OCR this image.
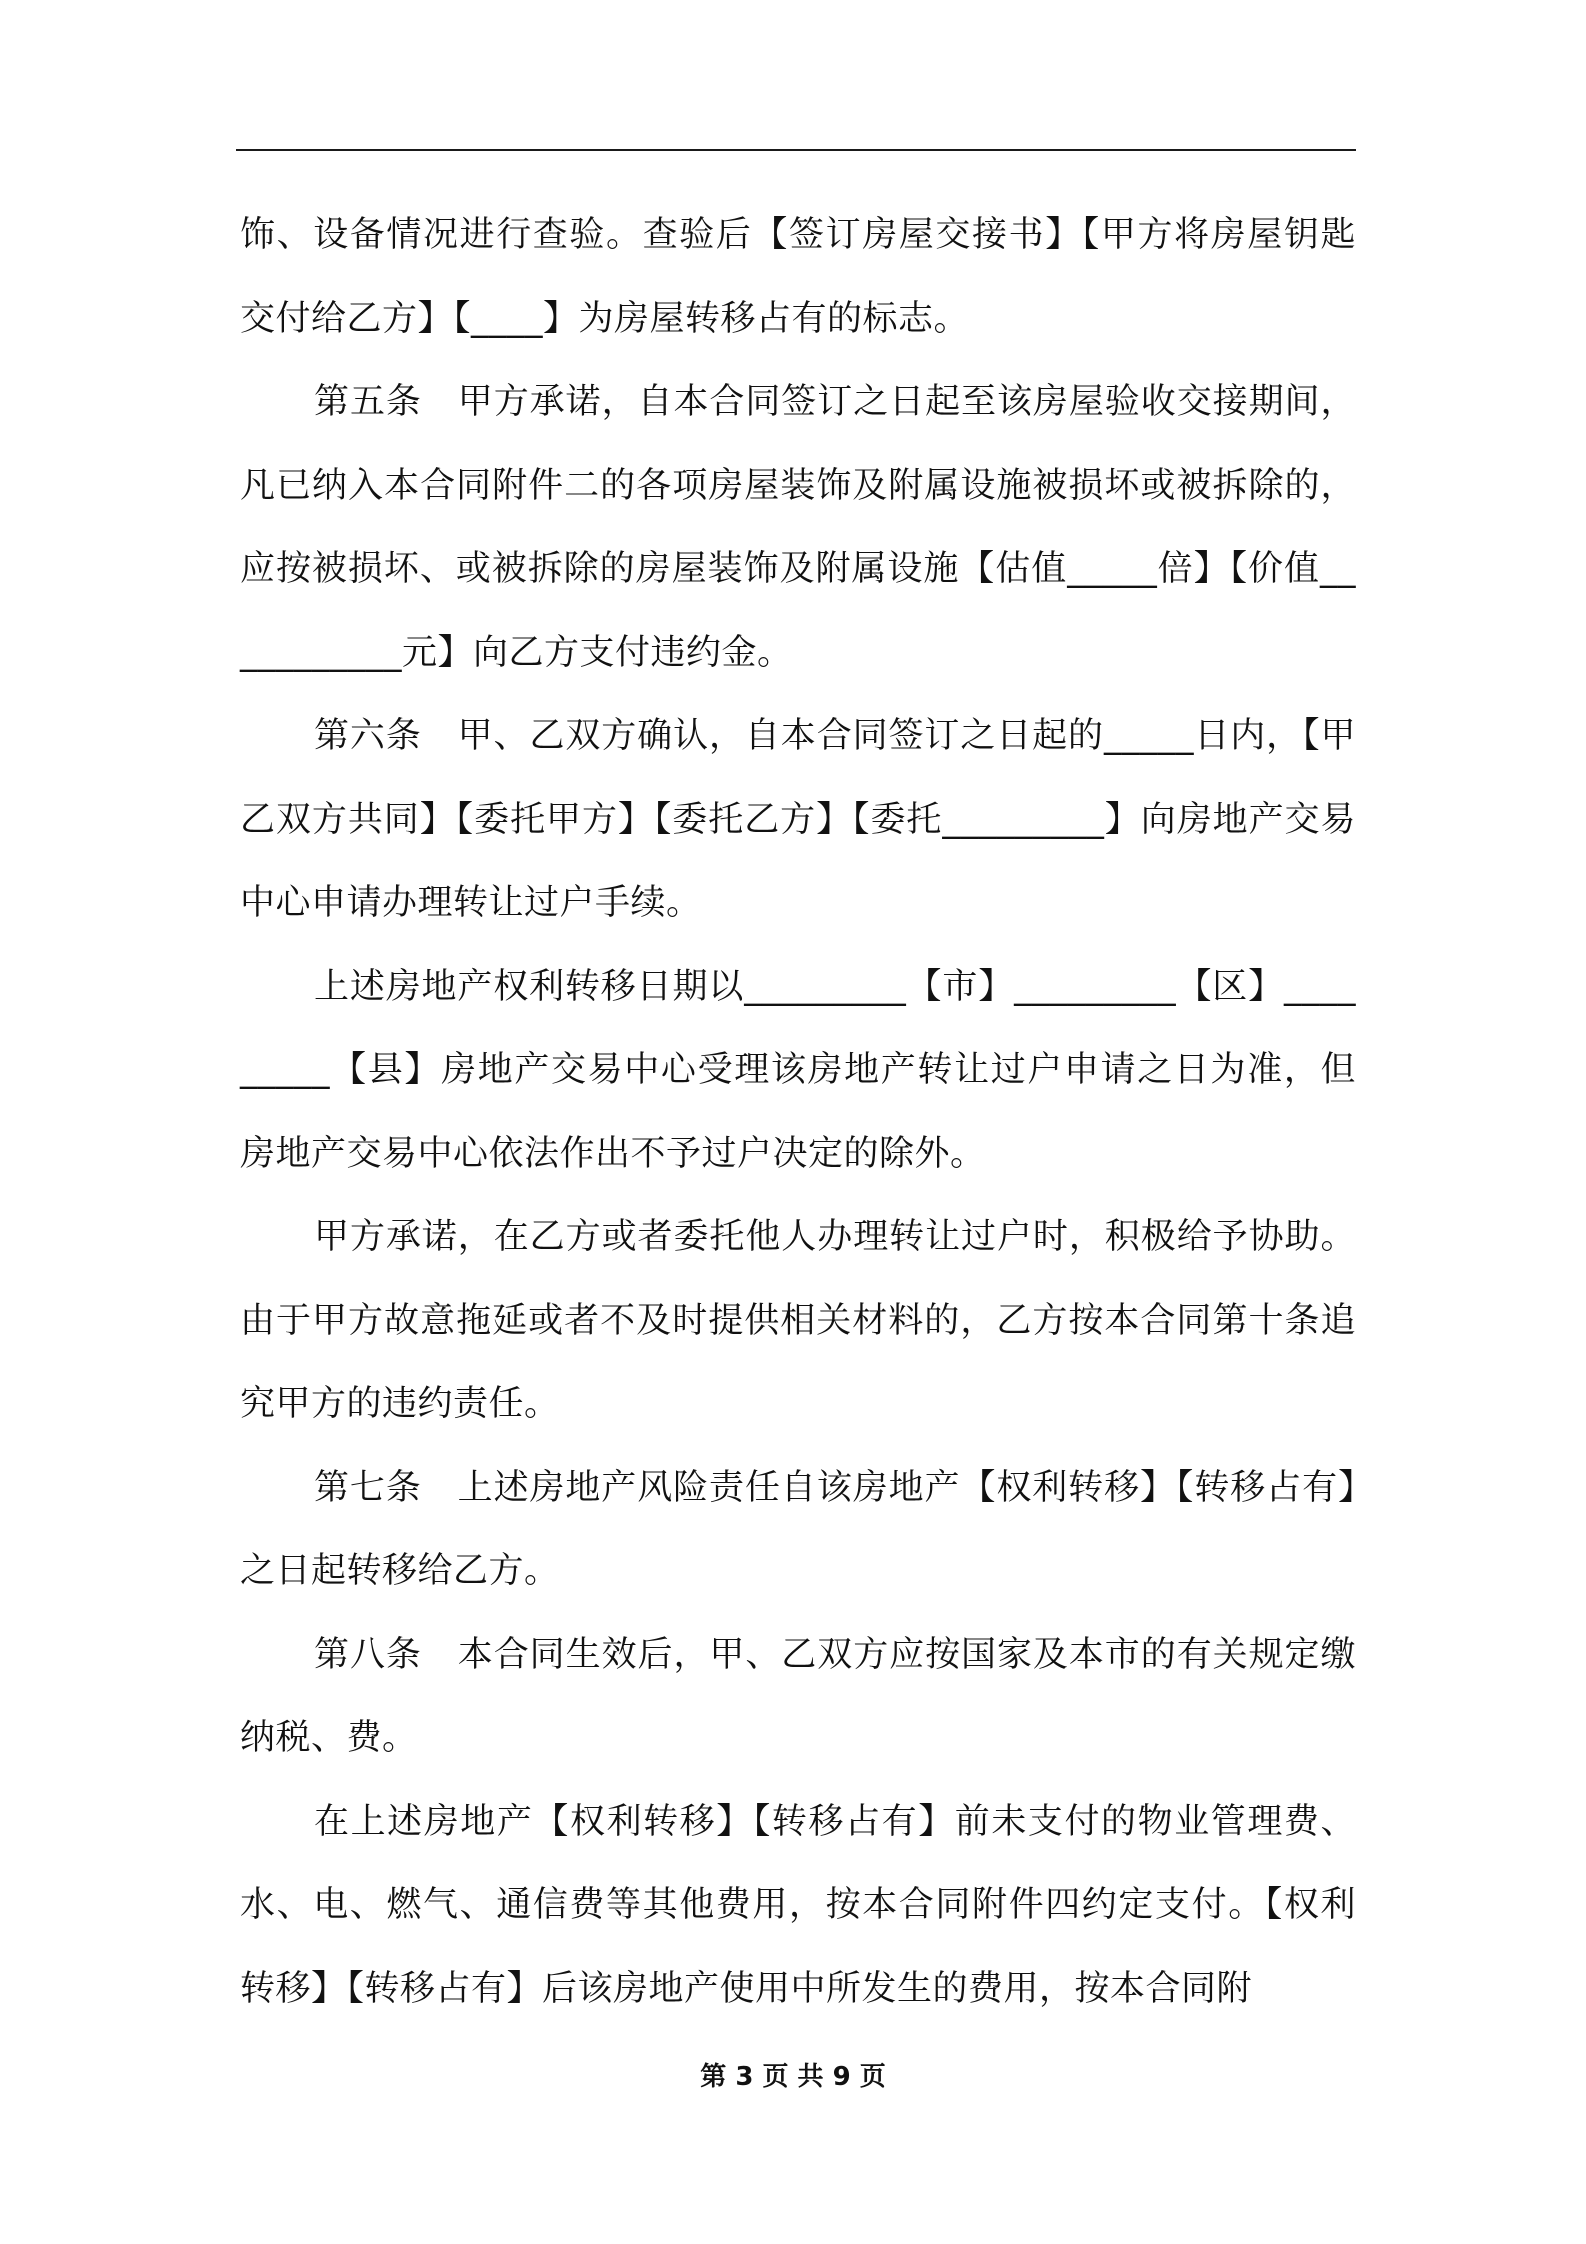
饰、设备情况进行查验。查验后【签订房屋交接书】【甲方将房屋钥匙交付给乙方】【____】为房屋转移占有的标志。

第五条　甲方承诺，自本合同签订之日起至该房屋验收交接期间，凡已纳入本合同附件二的各项房屋装饰及附属设施被损坏或被拆除的，应按被损坏、或被拆除的房屋装饰及附属设施【估值_____倍】【价值___________元】向乙方支付违约金。

第六条　甲、乙双方确认，自本合同签订之日起的_____日内，【甲乙双方共同】【委托甲方】【委托乙方】【委托_________】向房地产交易中心申请办理转让过户手续。

上述房地产权利转移日期以_________【市】_________【区】_________【县】房地产交易中心受理该房地产转让过户申请之日为准，但房地产交易中心依法作出不予过户决定的除外。

甲方承诺，在乙方或者委托他人办理转让过户时，积极给予协助。由于甲方故意拖延或者不及时提供相关材料的，乙方按本合同第十条追究甲方的违约责任。

第七条　上述房地产风险责任自该房地产【权利转移】【转移占有】之日起转移给乙方。

第八条　本合同生效后，甲、乙双方应按国家及本市的有关规定缴纳税、费。

在上述房地产【权利转移】【转移占有】前未支付的物业管理费、水、电、燃气、通信费等其他费用，按本合同附件四约定支付。【权利转移】【转移占有】后该房地产使用中所发生的费用，按本合同附

第 3 页 共 9 页
